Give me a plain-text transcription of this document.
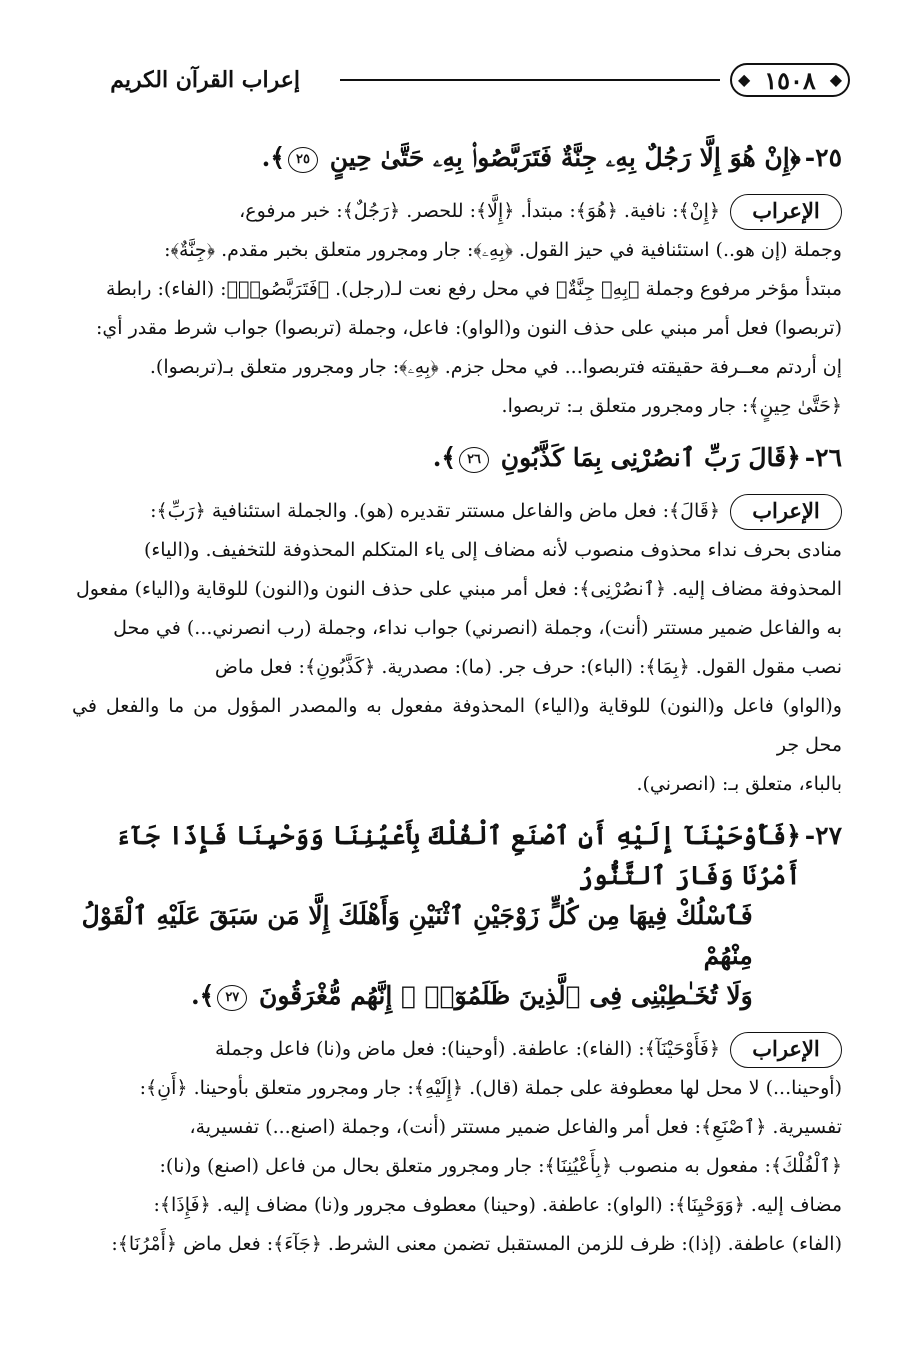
◆ ١٥٠٨ ◆
إعراب القرآن الكريم
٢٥-
﴿إِنْ هُوَ إِلَّا رَجُلٌ بِهِۦ جِنَّةٌ فَتَرَبَّصُوا۟ بِهِۦ حَتَّىٰ حِينٍ ٢٥﴾.
الإعراب
﴿إِنْ﴾: نافية. ﴿هُوَ﴾: مبتدأ. ﴿إِلَّا﴾: للحصر. ﴿رَجُلٌ﴾: خبر مرفوع،
وجملة (إن هو..) استئنافية في حيز القول. ﴿بِهِۦ﴾: جار ومجرور متعلق بخبر مقدم. ﴿جِنَّةٌ﴾:
مبتدأ مؤخر مرفوع وجملة ﴿بِهِۦ جِنَّةٌ﴾ في محل رفع نعت لـ(رجل). ﴿فَتَرَبَّصُوا۟﴾: (الفاء): رابطة
(تربصوا) فعل أمر مبني على حذف النون و(الواو): فاعل، وجملة (تربصوا) جواب شرط مقدر أي:
إن أردتم معــرفة حقيقته فتربصوا... في محل جزم. ﴿بِهِۦ﴾: جار ومجرور متعلق بـ(تربصوا).
﴿حَتَّىٰ حِينٍ﴾: جار ومجرور متعلق بـ: تربصوا.
٢٦-
﴿قَالَ رَبِّ ٱنصُرْنِى بِمَا كَذَّبُونِ ٢٦﴾.
الإعراب
﴿قَالَ﴾: فعل ماض والفاعل مستتر تقديره (هو). والجملة استئنافية ﴿رَبِّ﴾:
منادى بحرف نداء محذوف منصوب لأنه مضاف إلى ياء المتكلم المحذوفة للتخفيف. و(الياء)
المحذوفة مضاف إليه. ﴿ٱنصُرْنِى﴾: فعل أمر مبني على حذف النون و(النون) للوقاية و(الياء) مفعول
به والفاعل ضمير مستتر (أنت)، وجملة (انصرني) جواب نداء، وجملة (رب انصرني...) في محل
نصب مقول القول. ﴿بِمَا﴾: (الباء): حرف جر. (ما): مصدرية. ﴿كَذَّبُونِ﴾: فعل ماض
و(الواو) فاعل و(النون) للوقاية و(الياء) المحذوفة مفعول به والمصدر المؤول من ما والفعل في محل جر
بالباء، متعلق بـ: (انصرني).
٢٧-
﴿فَأَوْحَيْنَآ إِلَيْهِ أَنِ ٱصْنَعِ ٱلْفُلْكَ بِأَعْيُنِنَا وَوَحْيِنَا فَإِذَا جَآءَ أَمْرُنَا وَفَارَ ٱلتَّنُّورُ
فَٱسْلُكْ فِيهَا مِن كُلٍّ زَوْجَيْنِ ٱثْنَيْنِ وَأَهْلَكَ إِلَّا مَن سَبَقَ عَلَيْهِ ٱلْقَوْلُ مِنْهُمْ
وَلَا تُخَـٰطِبْنِى فِى ٱلَّذِينَ ظَلَمُوٓا۟ ۖ إِنَّهُم مُّغْرَقُونَ ٢٧﴾.
الإعراب
﴿فَأَوْحَيْنَآ﴾: (الفاء): عاطفة. (أوحينا): فعل ماض و(نا) فاعل وجملة
(أوحينا...) لا محل لها معطوفة على جملة (قال). ﴿إِلَيْهِ﴾: جار ومجرور متعلق بأوحينا. ﴿أَنِ﴾:
تفسيرية. ﴿ٱصْنَعِ﴾: فعل أمر والفاعل ضمير مستتر (أنت)، وجملة (اصنع...) تفسيرية،
﴿ٱلْفُلْكَ﴾: مفعول به منصوب ﴿بِأَعْيُنِنَا﴾: جار ومجرور متعلق بحال من فاعل (اصنع) و(نا):
مضاف إليه. ﴿وَوَحْيِنَا﴾: (الواو): عاطفة. (وحينا) معطوف مجرور و(نا) مضاف إليه. ﴿فَإِذَا﴾:
(الفاء) عاطفة. (إذا): ظرف للزمن المستقبل تضمن معنى الشرط. ﴿جَآءَ﴾: فعل ماض ﴿أَمْرُنَا﴾:
